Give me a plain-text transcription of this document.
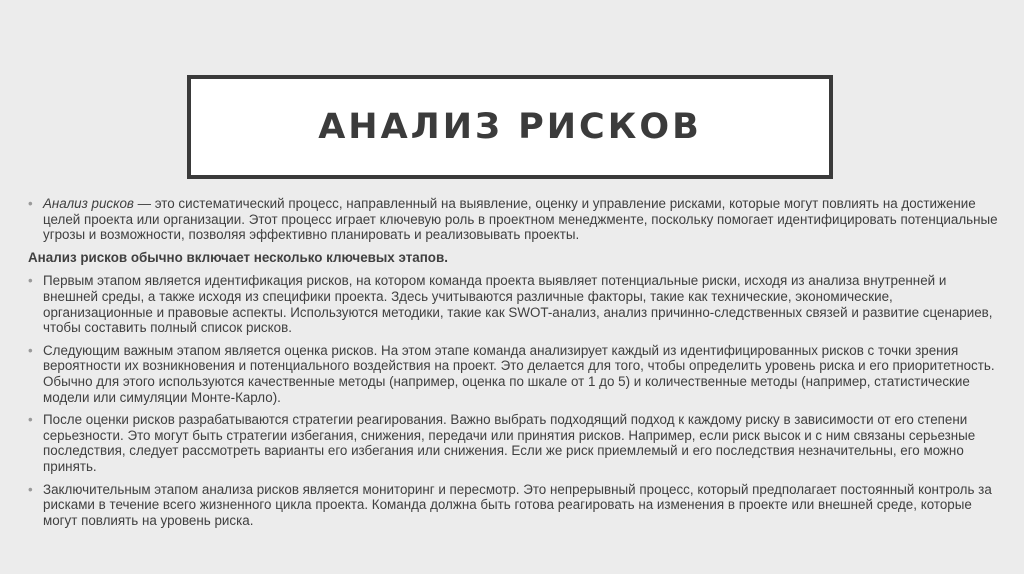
АНАЛИЗ РИСКОВ
• Анализ рисков — это систематический процесс, направленный на выявление, оценку и управление рисками, которые могут повлиять на достижение целей проекта или организации. Этот процесс играет ключевую роль в проектном менеджменте, поскольку помогает идентифицировать потенциальные угрозы и возможности, позволяя эффективно планировать и реализовывать проекты.
Анализ рисков обычно включает несколько ключевых этапов.
• Первым этапом является идентификация рисков, на котором команда проекта выявляет потенциальные риски, исходя из анализа внутренней и внешней среды, а также исходя из специфики проекта. Здесь учитываются различные факторы, такие как технические, экономические, организационные и правовые аспекты. Используются методики, такие как SWOT-анализ, анализ причинно-следственных связей и развитие сценариев, чтобы составить полный список рисков.
• Следующим важным этапом является оценка рисков. На этом этапе команда анализирует каждый из идентифицированных рисков с точки зрения вероятности их возникновения и потенциального воздействия на проект. Это делается для того, чтобы определить уровень риска и его приоритетность. Обычно для этого используются качественные методы (например, оценка по шкале от 1 до 5) и количественные методы (например, статистические модели или симуляции Монте-Карло).
• После оценки рисков разрабатываются стратегии реагирования. Важно выбрать подходящий подход к каждому риску в зависимости от его степени серьезности. Это могут быть стратегии избегания, снижения, передачи или принятия рисков. Например, если риск высок и с ним связаны серьезные последствия, следует рассмотреть варианты его избегания или снижения. Если же риск приемлемый и его последствия незначительны, его можно принять.
• Заключительным этапом анализа рисков является мониторинг и пересмотр. Это непрерывный процесс, который предполагает постоянный контроль за рисками в течение всего жизненного цикла проекта. Команда должна быть готова реагировать на изменения в проекте или внешней среде, которые могут повлиять на уровень риска.
